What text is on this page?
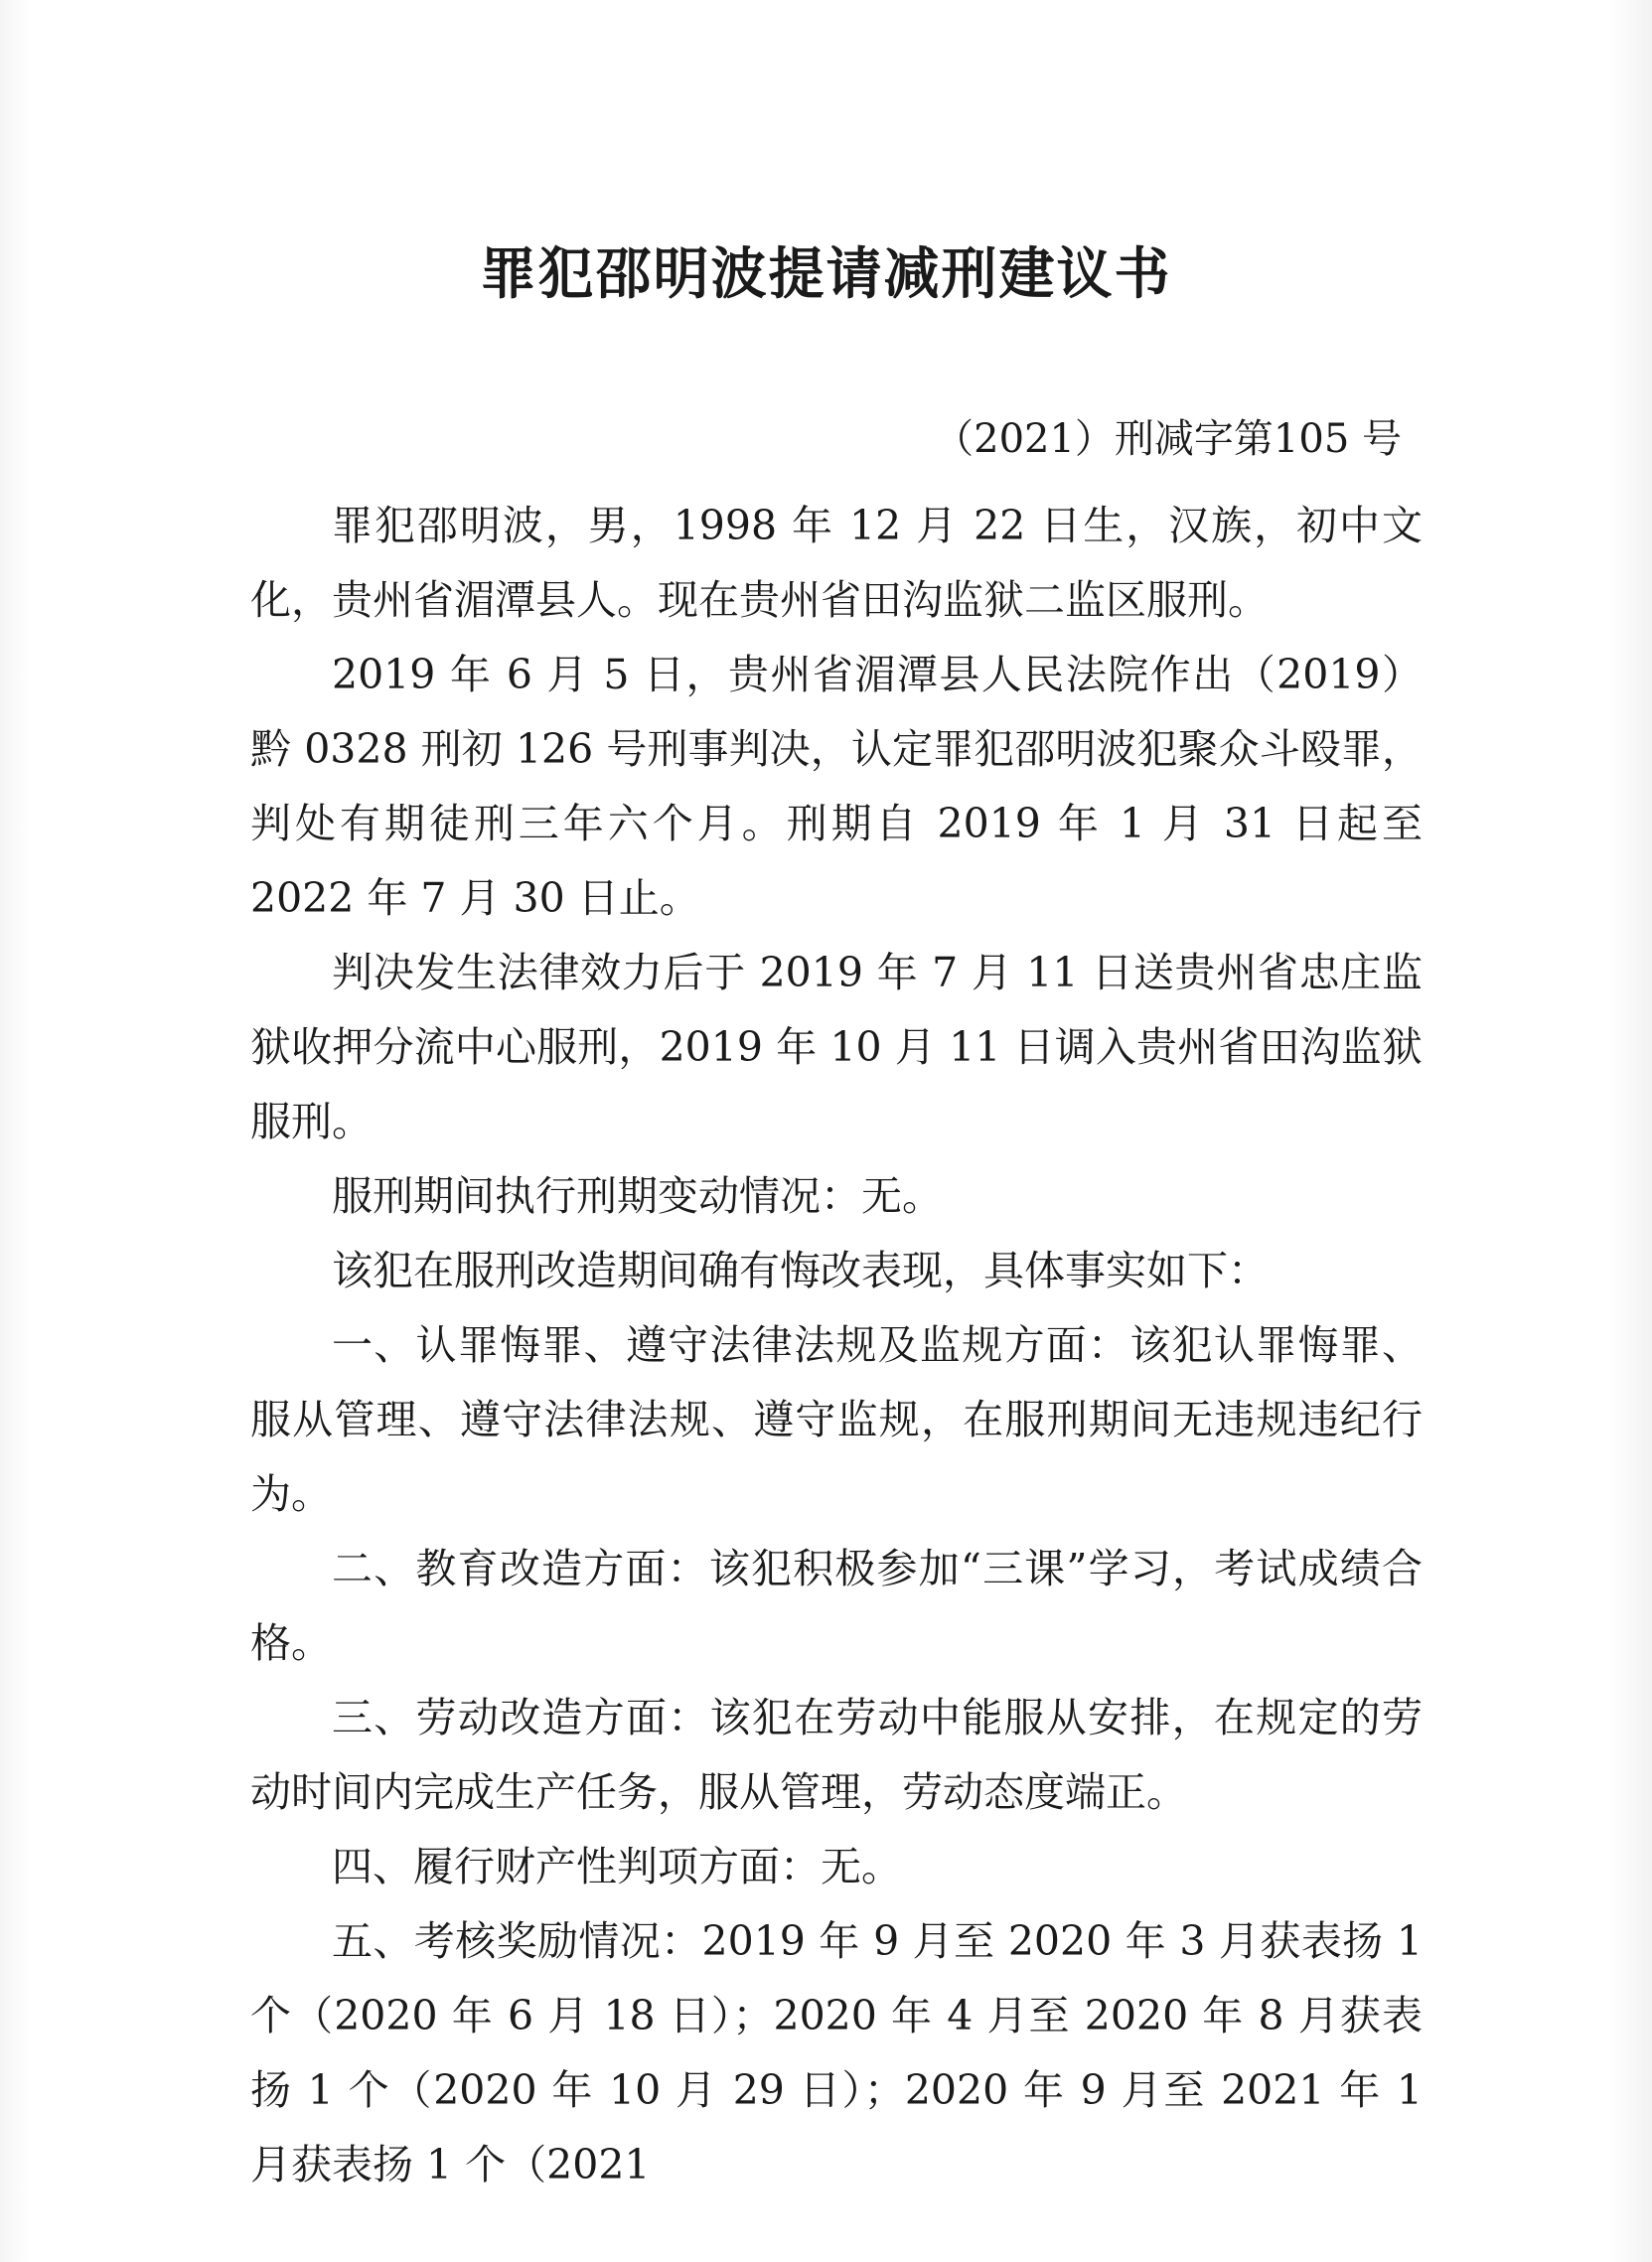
罪犯邵明波提请减刑建议书
（2021）刑减字第105 号

罪犯邵明波，男，1998 年 12 月 22 日生，汉族，初中文化，贵州省湄潭县人。现在贵州省田沟监狱二监区服刑。

2019 年 6 月 5 日，贵州省湄潭县人民法院作出（2019）黔 0328 刑初 126 号刑事判决，认定罪犯邵明波犯聚众斗殴罪，判处有期徒刑三年六个月。刑期自 2019 年 1 月 31 日起至 2022 年 7 月 30 日止。

判决发生法律效力后于 2019 年 7 月 11 日送贵州省忠庄监狱收押分流中心服刑，2019 年 10 月 11 日调入贵州省田沟监狱服刑。

服刑期间执行刑期变动情况：无。

该犯在服刑改造期间确有悔改表现，具体事实如下：

一、认罪悔罪、遵守法律法规及监规方面：该犯认罪悔罪、服从管理、遵守法律法规、遵守监规，在服刑期间无违规违纪行为。

二、教育改造方面：该犯积极参加“三课”学习，考试成绩合格。

三、劳动改造方面：该犯在劳动中能服从安排，在规定的劳动时间内完成生产任务，服从管理，劳动态度端正。

四、履行财产性判项方面：无。

五、考核奖励情况：2019 年 9 月至 2020 年 3 月获表扬 1 个（2020 年 6 月 18 日）；2020 年 4 月至 2020 年 8 月获表扬 1 个（2020 年 10 月 29 日）；2020 年 9 月至 2021 年 1 月获表扬 1 个（2021
